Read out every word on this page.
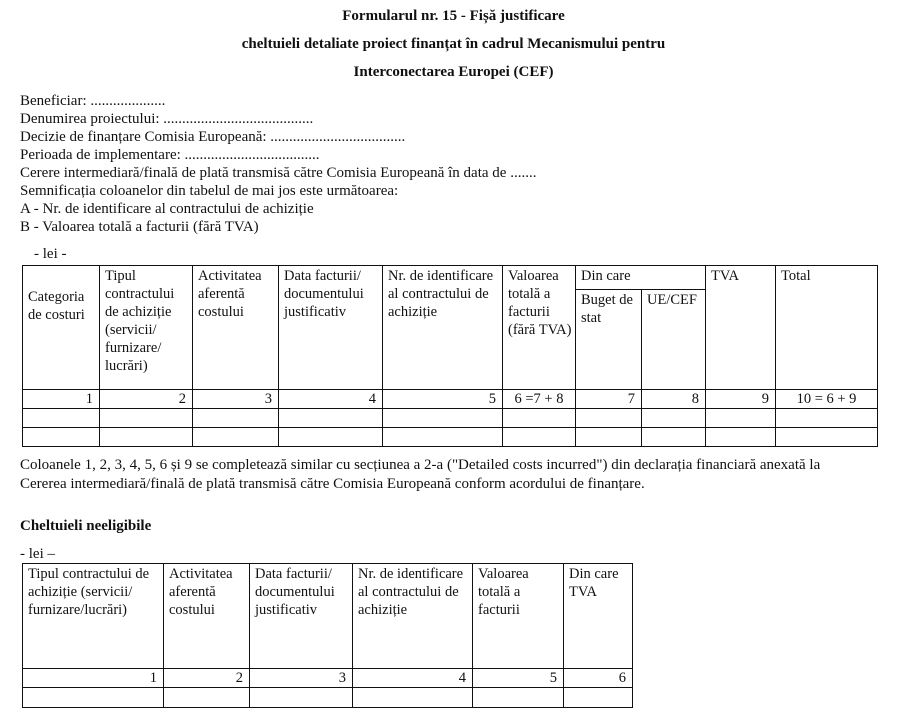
Formularul nr. 15 - Fișă justificare
cheltuieli detaliate proiect finanțat în cadrul Mecanismului pentru
Interconectarea Europei (CEF)
Beneficiar: ....................
Denumirea proiectului: ........................................
Decizie de finanțare Comisia Europeană: ....................................
Perioada de implementare: ....................................
Cerere intermediară/finală de plată transmisă către Comisia Europeană în data de .......
Semnificația coloanelor din tabelul de mai jos este următoarea:
A - Nr. de identificare al contractului de achiziție
B - Valoarea totală a facturii (fără TVA)
- lei -
Categoria de costuri	Tipul contractului de achiziție (servicii/ furnizare/ lucrări)	Activitatea aferentă costului	Data facturii/ documentului justificativ	Nr. de identificare al contractului de achiziție	Valoarea totală a facturii (fără TVA)	Din care		TVA	Total
						Buget de stat	UE/CEF		
1	2	3	4	5	6 =7 + 8	7	8	9	10 = 6 + 9

Coloanele 1, 2, 3, 4, 5, 6 și 9 se completează similar cu secțiunea a 2-a ("Detailed costs incurred") din declarația financiară anexată la
Cererea intermediară/finală de plată transmisă către Comisia Europeană conform acordului de finanțare.
Cheltuieli neeligibile
- lei –
Tipul contractului de achiziție (servicii/ furnizare/lucrări)	Activitatea aferentă costului	Data facturii/ documentului justificativ	Nr. de identificare al contractului de achiziție	Valoarea totală a facturii	Din care TVA
1	2	3	4	5	6
